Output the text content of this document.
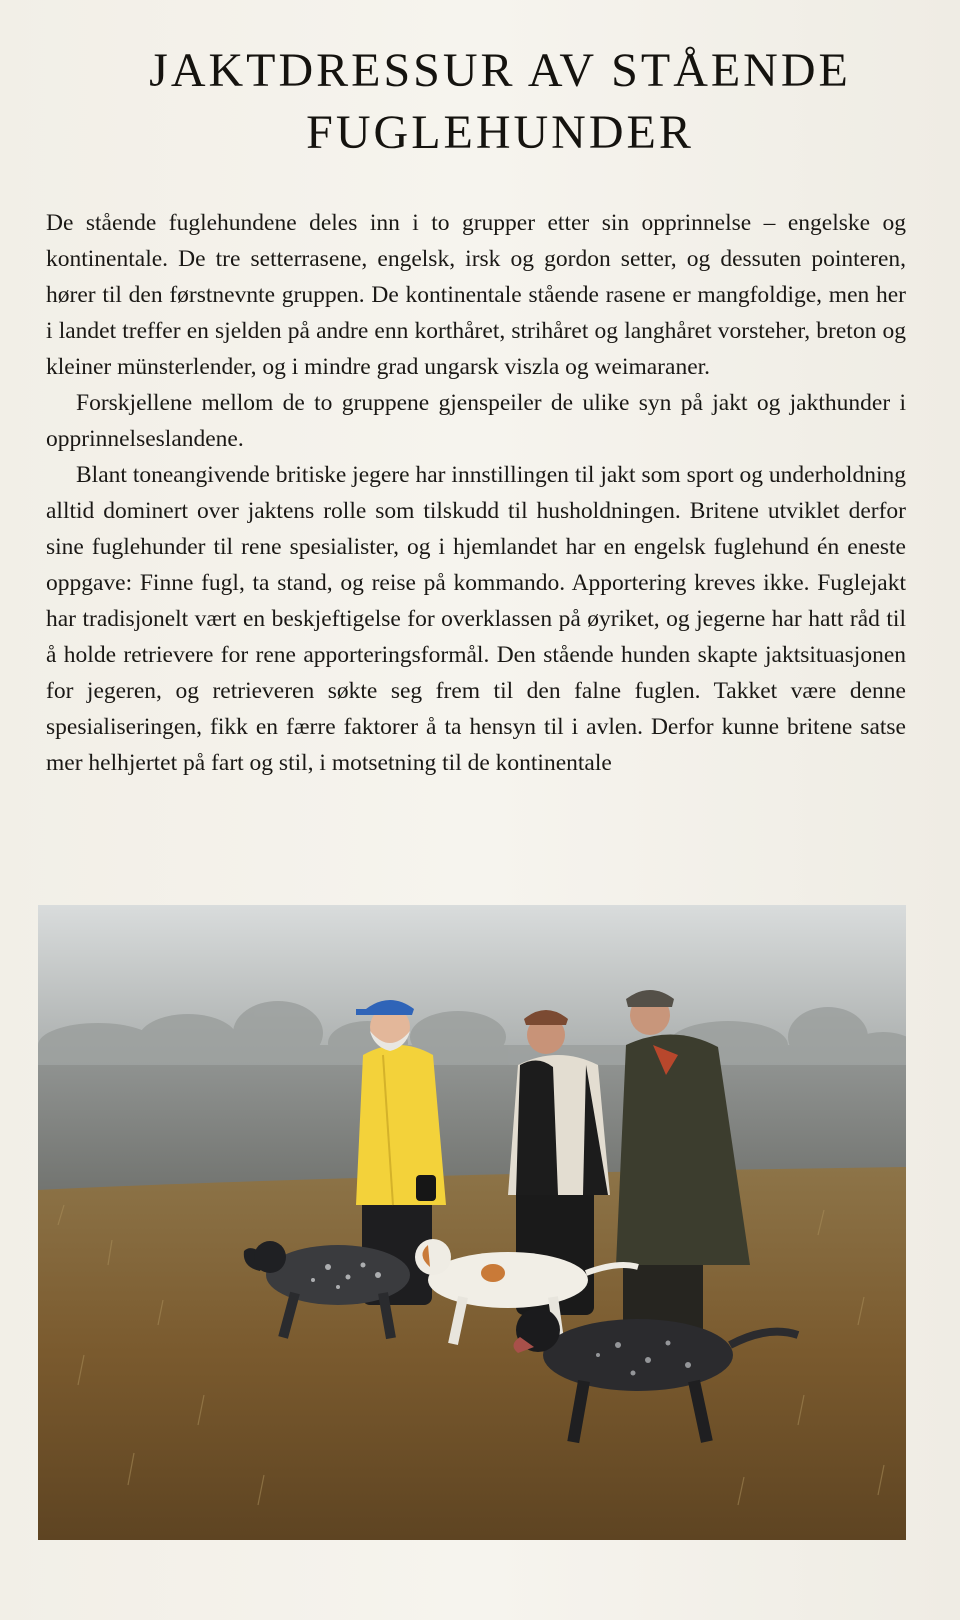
JAKTDRESSUR AV STÅENDE
FUGLEHUNDER

De stående fuglehundene deles inn i to grupper etter sin opprinnelse – engelske og kontinentale. De tre setterrasene, engelsk, irsk og gordon setter, og dessuten pointeren, hører til den førstnevnte gruppen. De kontinentale stående rasene er mangfoldige, men her i landet treffer en sjelden på andre enn korthåret, strihåret og langhåret vorsteher, breton og kleiner münsterlender, og i mindre grad ungarsk viszla og weimaraner.

Forskjellene mellom de to gruppene gjenspeiler de ulike syn på jakt og jakthunder i opprinnelseslandene.

Blant toneangivende britiske jegere har innstillingen til jakt som sport og underholdning alltid dominert over jaktens rolle som tilskudd til husholdningen. Britene utviklet derfor sine fuglehunder til rene spesialister, og i hjemlandet har en engelsk fuglehund én eneste oppgave: Finne fugl, ta stand, og reise på kommando. Apportering kreves ikke. Fuglejakt har tradisjonelt vært en beskjeftigelse for overklassen på øyriket, og jegerne har hatt råd til å holde retrievere for rene apporteringsformål. Den stående hunden skapte jaktsituasjonen for jegeren, og retrieveren søkte seg frem til den falne fuglen. Takket være denne spesialiseringen, fikk en færre faktorer å ta hensyn til i avlen. Derfor kunne britene satse mer helhjertet på fart og stil, i motsetning til de kontinentale
